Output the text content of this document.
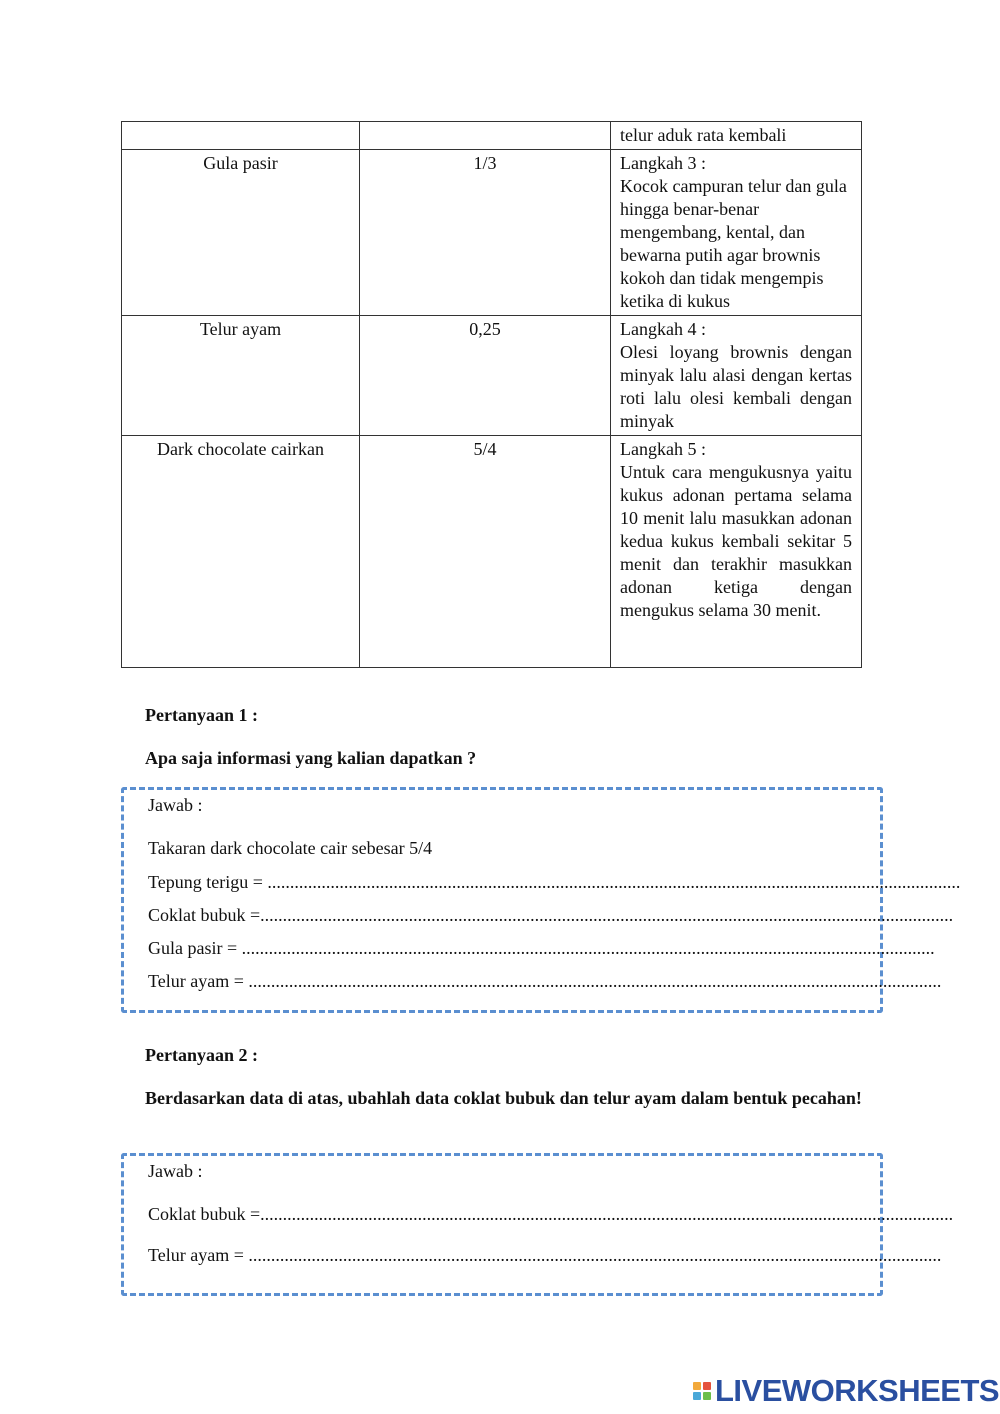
		telur aduk rata kembali

Gula pasir	1/3	Langkah 3 :
Kocok campuran telur dan gula hingga benar-benar mengembang, kental, dan bewarna putih agar brownis kokoh dan tidak mengempis ketika di kukus

Telur ayam	0,25	Langkah 4 :
Olesi loyang brownis dengan minyak lalu alasi dengan kertas roti lalu olesi kembali dengan minyak

Dark chocolate cairkan	5/4	Langkah 5 :
Untuk cara mengukusnya yaitu kukus adonan pertama selama 10 menit lalu masukkan adonan kedua kukus kembali sekitar 5 menit dan terakhir masukkan adonan ketiga dengan mengukus selama 30 menit.
Pertanyaan 1 :
Apa saja informasi yang kalian dapatkan ?
Jawab :
Takaran dark chocolate cair sebesar 5/4
Tepung terigu = ..........................................................................................................................................................
Coklat bubuk =..........................................................................................................................................................
Gula pasir = ..........................................................................................................................................................
Telur ayam = ..........................................................................................................................................................
Pertanyaan 2 :
Berdasarkan data di atas, ubahlah data coklat bubuk dan telur ayam dalam bentuk pecahan!
Jawab :
Coklat bubuk =..........................................................................................................................................................
Telur ayam = ..........................................................................................................................................................
LIVEWORKSHEETS
